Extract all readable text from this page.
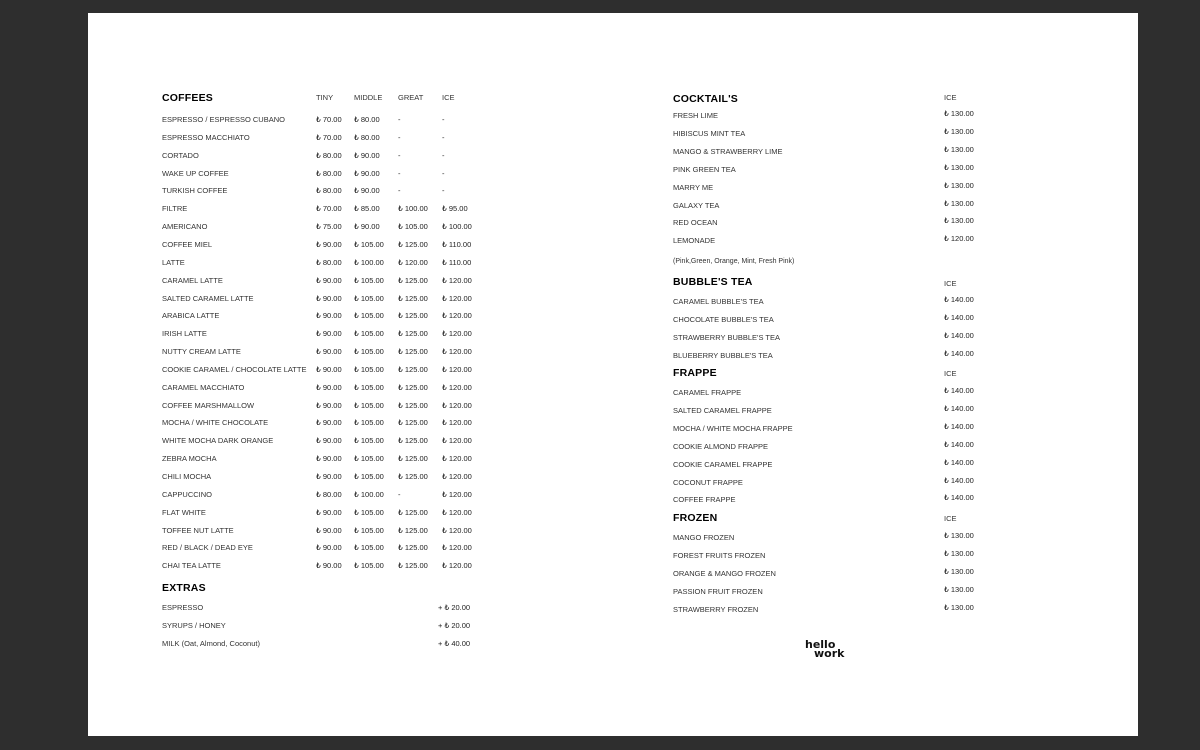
COFFEES	TINY	MIDDLE GREAT ICE
ESPRESSO / ESPRESSO CUBANO	₺ 70.00 ₺ 80.00 -	-
ESPRESSO MACCHIATO	₺ 70.00 ₺ 80.00 -	-
CORTADO	₺ 80.00 ₺ 90.00 -	-
WAKE UP COFFEE	₺ 80.00 ₺ 90.00 -	-
TURKISH COFFEE	₺ 80.00 ₺ 90.00 -	-
FILTRE	₺ 70.00 ₺ 85.00 ₺ 100.00 ₺ 95.00
AMERICANO	₺ 75.00 ₺ 90.00 ₺ 105.00 ₺ 100.00
COFFEE MIEL	₺ 90.00 ₺ 105.00 ₺ 125.00 ₺ 110.00
LATTE	₺ 80.00 ₺ 100.00 ₺ 120.00 ₺ 110.00
CARAMEL LATTE	₺ 90.00 ₺ 105.00 ₺ 125.00 ₺ 120.00
SALTED CARAMEL LATTE	₺ 90.00 ₺ 105.00 ₺ 125.00 ₺ 120.00
ARABICA LATTE	₺ 90.00 ₺ 105.00 ₺ 125.00 ₺ 120.00
IRISH LATTE	₺ 90.00 ₺ 105.00 ₺ 125.00 ₺ 120.00
NUTTY CREAM LATTE	₺ 90.00 ₺ 105.00 ₺ 125.00 ₺ 120.00
COOKIE CARAMEL / CHOCOLATE LATTE ₺ 90.00 ₺ 105.00 ₺ 125.00 ₺ 120.00
CARAMEL MACCHIATO	₺ 90.00 ₺ 105.00 ₺ 125.00 ₺ 120.00
COFFEE MARSHMALLOW	₺ 90.00 ₺ 105.00 ₺ 125.00 ₺ 120.00
MOCHA / WHITE CHOCOLATE	₺ 90.00 ₺ 105.00 ₺ 125.00 ₺ 120.00
WHITE MOCHA DARK ORANGE	₺ 90.00 ₺ 105.00 ₺ 125.00 ₺ 120.00
ZEBRA MOCHA	₺ 90.00 ₺ 105.00 ₺ 125.00 ₺ 120.00
CHILI MOCHA	₺ 90.00 ₺ 105.00 ₺ 125.00 ₺ 120.00
CAPPUCCINO	₺ 80.00 ₺ 100.00 -	₺ 120.00
FLAT WHITE	₺ 90.00 ₺ 105.00 ₺ 125.00 ₺ 120.00
TOFFEE NUT LATTE	₺ 90.00 ₺ 105.00 ₺ 125.00 ₺ 120.00
RED / BLACK / DEAD EYE	₺ 90.00 ₺ 105.00 ₺ 125.00 ₺ 120.00
CHAI TEA LATTE	₺ 90.00 ₺ 105.00 ₺ 125.00 ₺ 120.00
EXTRAS
ESPRESSO	+ ₺ 20.00
SYRUPS / HONEY	+ ₺ 20.00
MILK (Oat, Almond, Coconut)	+ ₺ 40.00
COCKTAIL'S	ICE
FRESH LIME	₺ 130.00
HIBISCUS MINT TEA	₺ 130.00
MANGO & STRAWBERRY LIME	₺ 130.00
PINK GREEN TEA	₺ 130.00
MARRY ME	₺ 130.00
GALAXY TEA	₺ 130.00
RED OCEAN	₺ 130.00
LEMONADE	₺ 120.00
(Pink,Green, Orange, Mint, Fresh Pink)
BUBBLE'S TEA	ICE
CARAMEL BUBBLE'S TEA	₺ 140.00
CHOCOLATE BUBBLE'S TEA	₺ 140.00
STRAWBERRY BUBBLE'S TEA	₺ 140.00
BLUEBERRY BUBBLE'S TEA	₺ 140.00
FRAPPE	ICE
CARAMEL FRAPPE	₺ 140.00
SALTED CARAMEL FRAPPE	₺ 140.00
MOCHA / WHITE MOCHA FRAPPE	₺ 140.00
COOKIE ALMOND FRAPPE	₺ 140.00
COOKIE CARAMEL FRAPPE	₺ 140.00
COCONUT FRAPPE	₺ 140.00
COFFEE FRAPPE	₺ 140.00
FROZEN	ICE
MANGO FROZEN	₺ 130.00
FOREST FRUITS FROZEN	₺ 130.00
ORANGE & MANGO FROZEN	₺ 130.00
PASSION FRUIT FROZEN	₺ 130.00
STRAWBERRY FROZEN	₺ 130.00
hello
work
